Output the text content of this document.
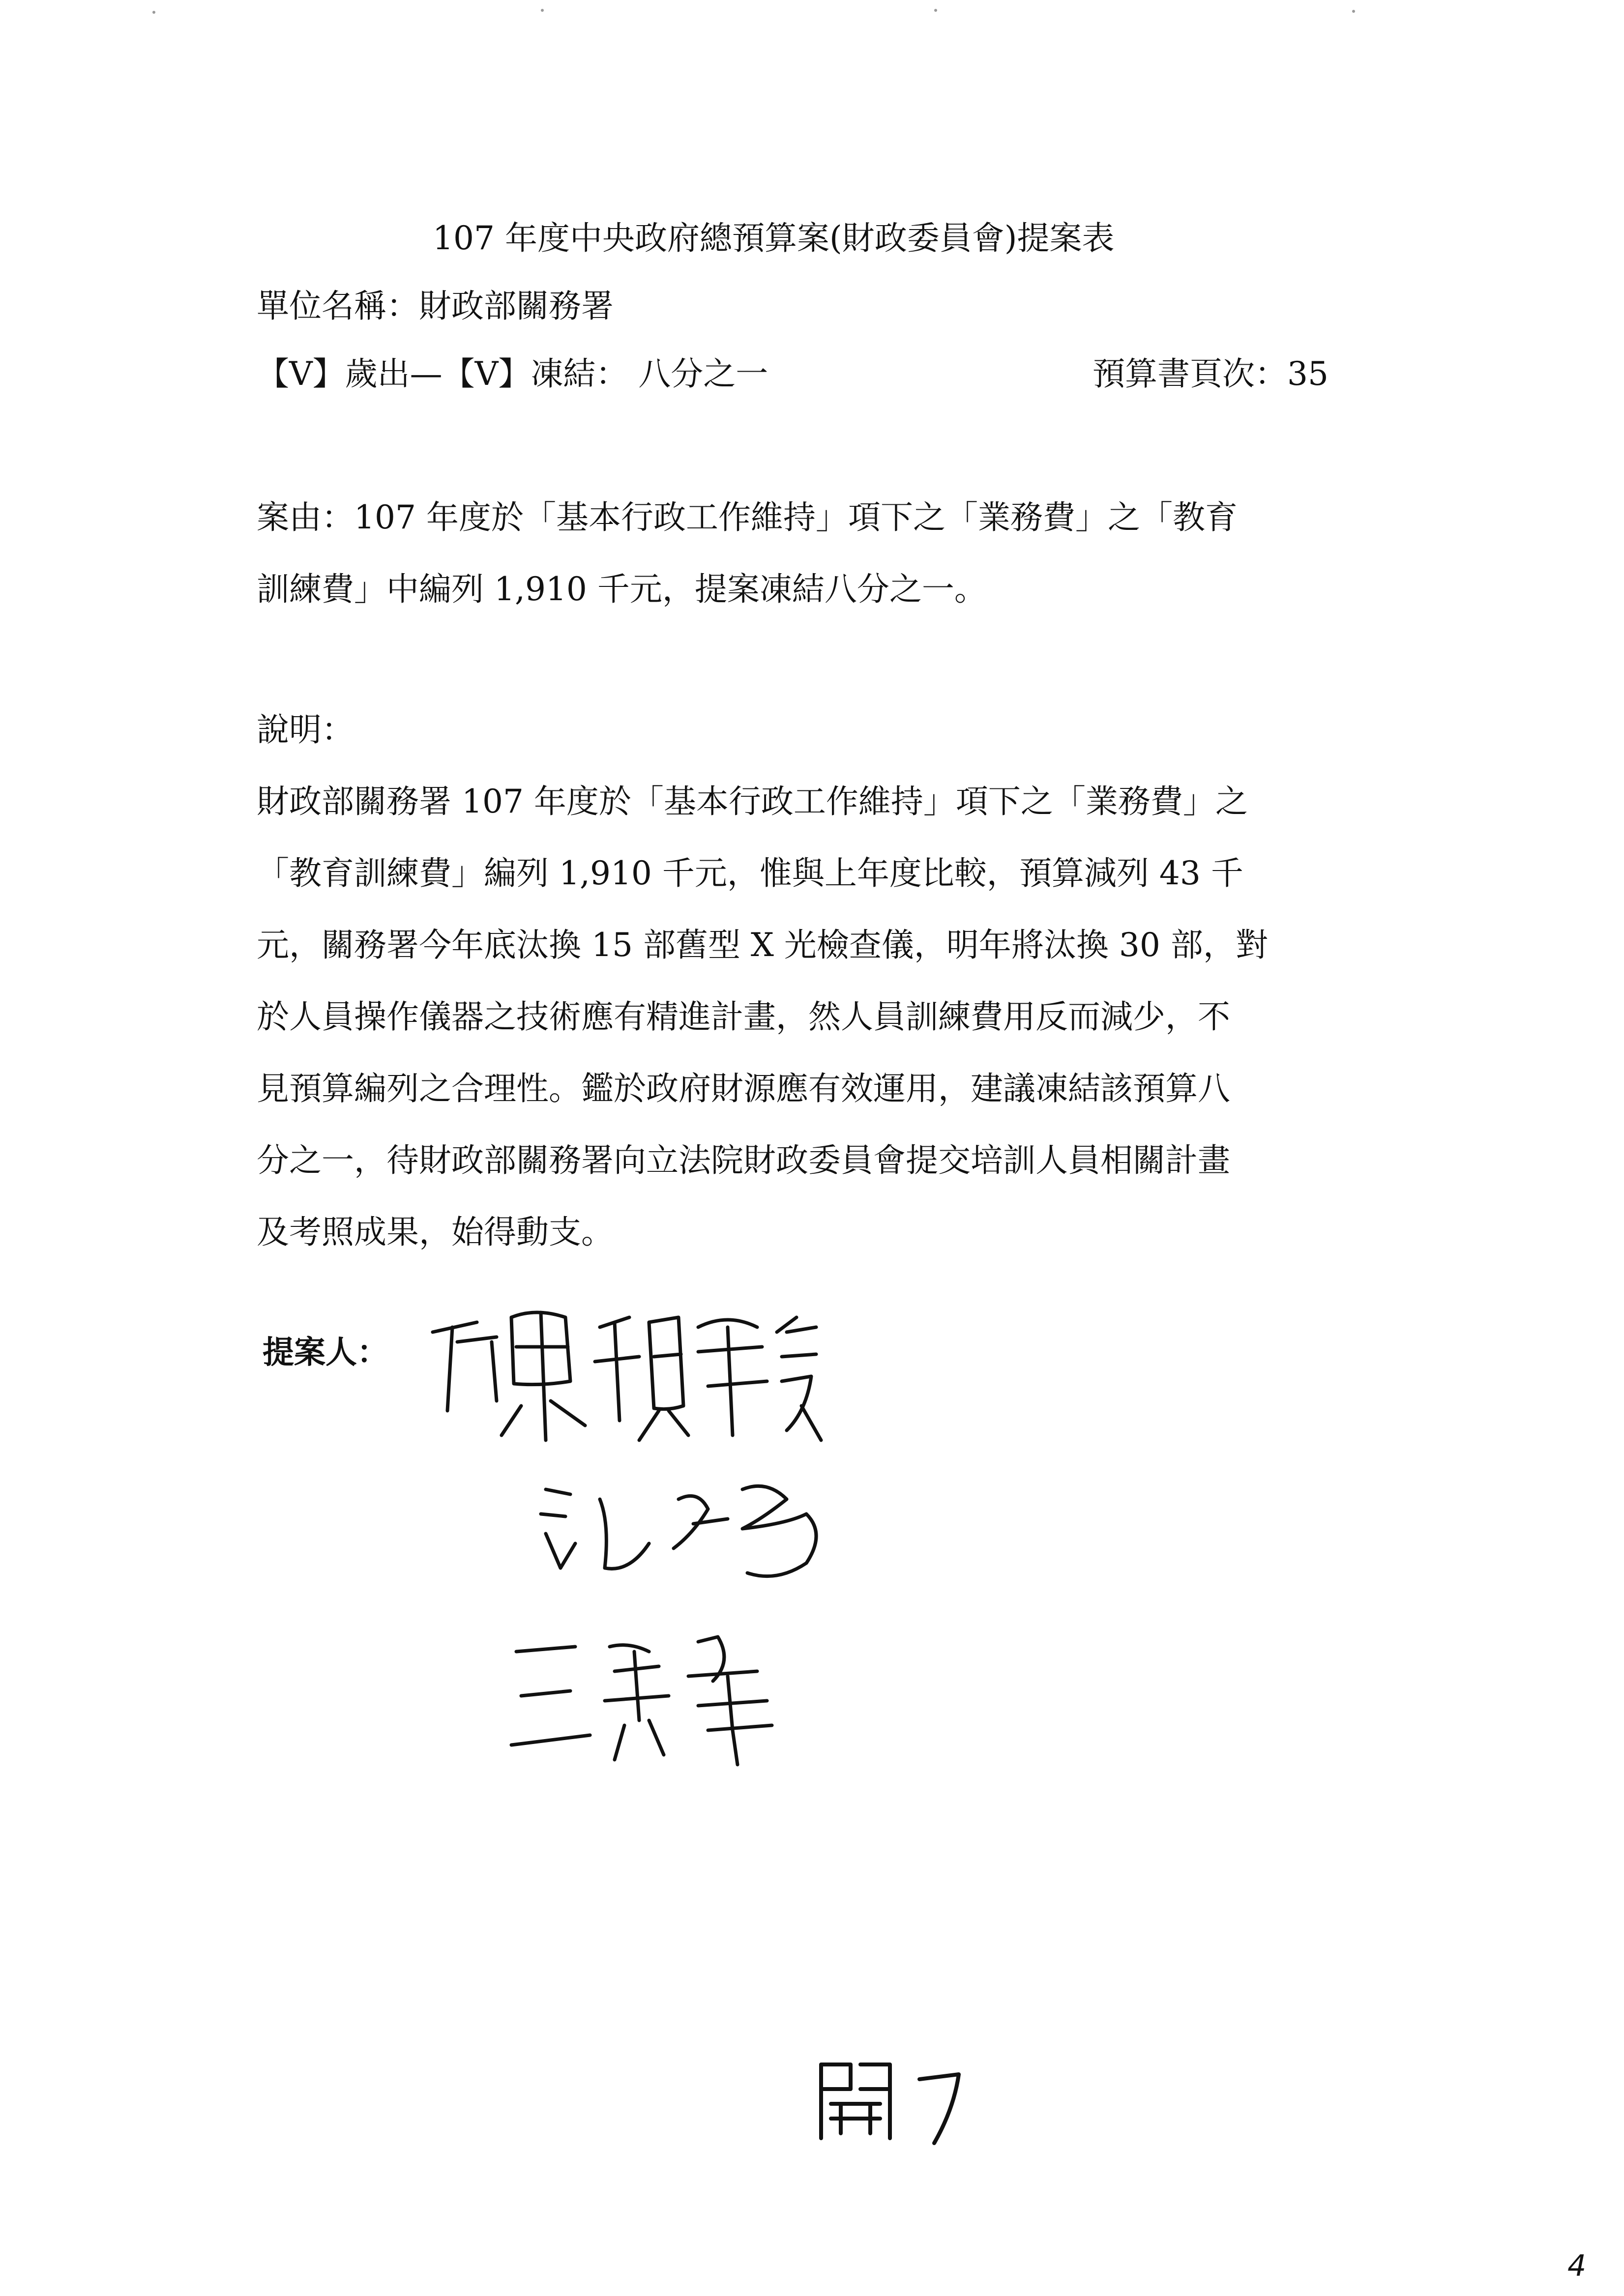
107 年度中央政府總預算案(財政委員會)提案表
單位名稱：財政部關務署
【V】歲出—【V】凍結： 八分之一	預算書頁次：35
案由：107 年度於「基本行政工作維持」項下之「業務費」之「教育
訓練費」中編列 1,910 千元，提案凍結八分之一。
說明：
財政部關務署 107 年度於「基本行政工作維持」項下之「業務費」之
「教育訓練費」編列 1,910 千元，惟與上年度比較，預算減列 43 千
元，關務署今年底汰換 15 部舊型 X 光檢查儀，明年將汰換 30 部，對
於人員操作儀器之技術應有精進計畫，然人員訓練費用反而減少，不
見預算編列之合理性。鑑於政府財源應有效運用，建議凍結該預算八
分之一，待財政部關務署向立法院財政委員會提交培訓人員相關計畫
及考照成果，始得動支。
提案人：
4
